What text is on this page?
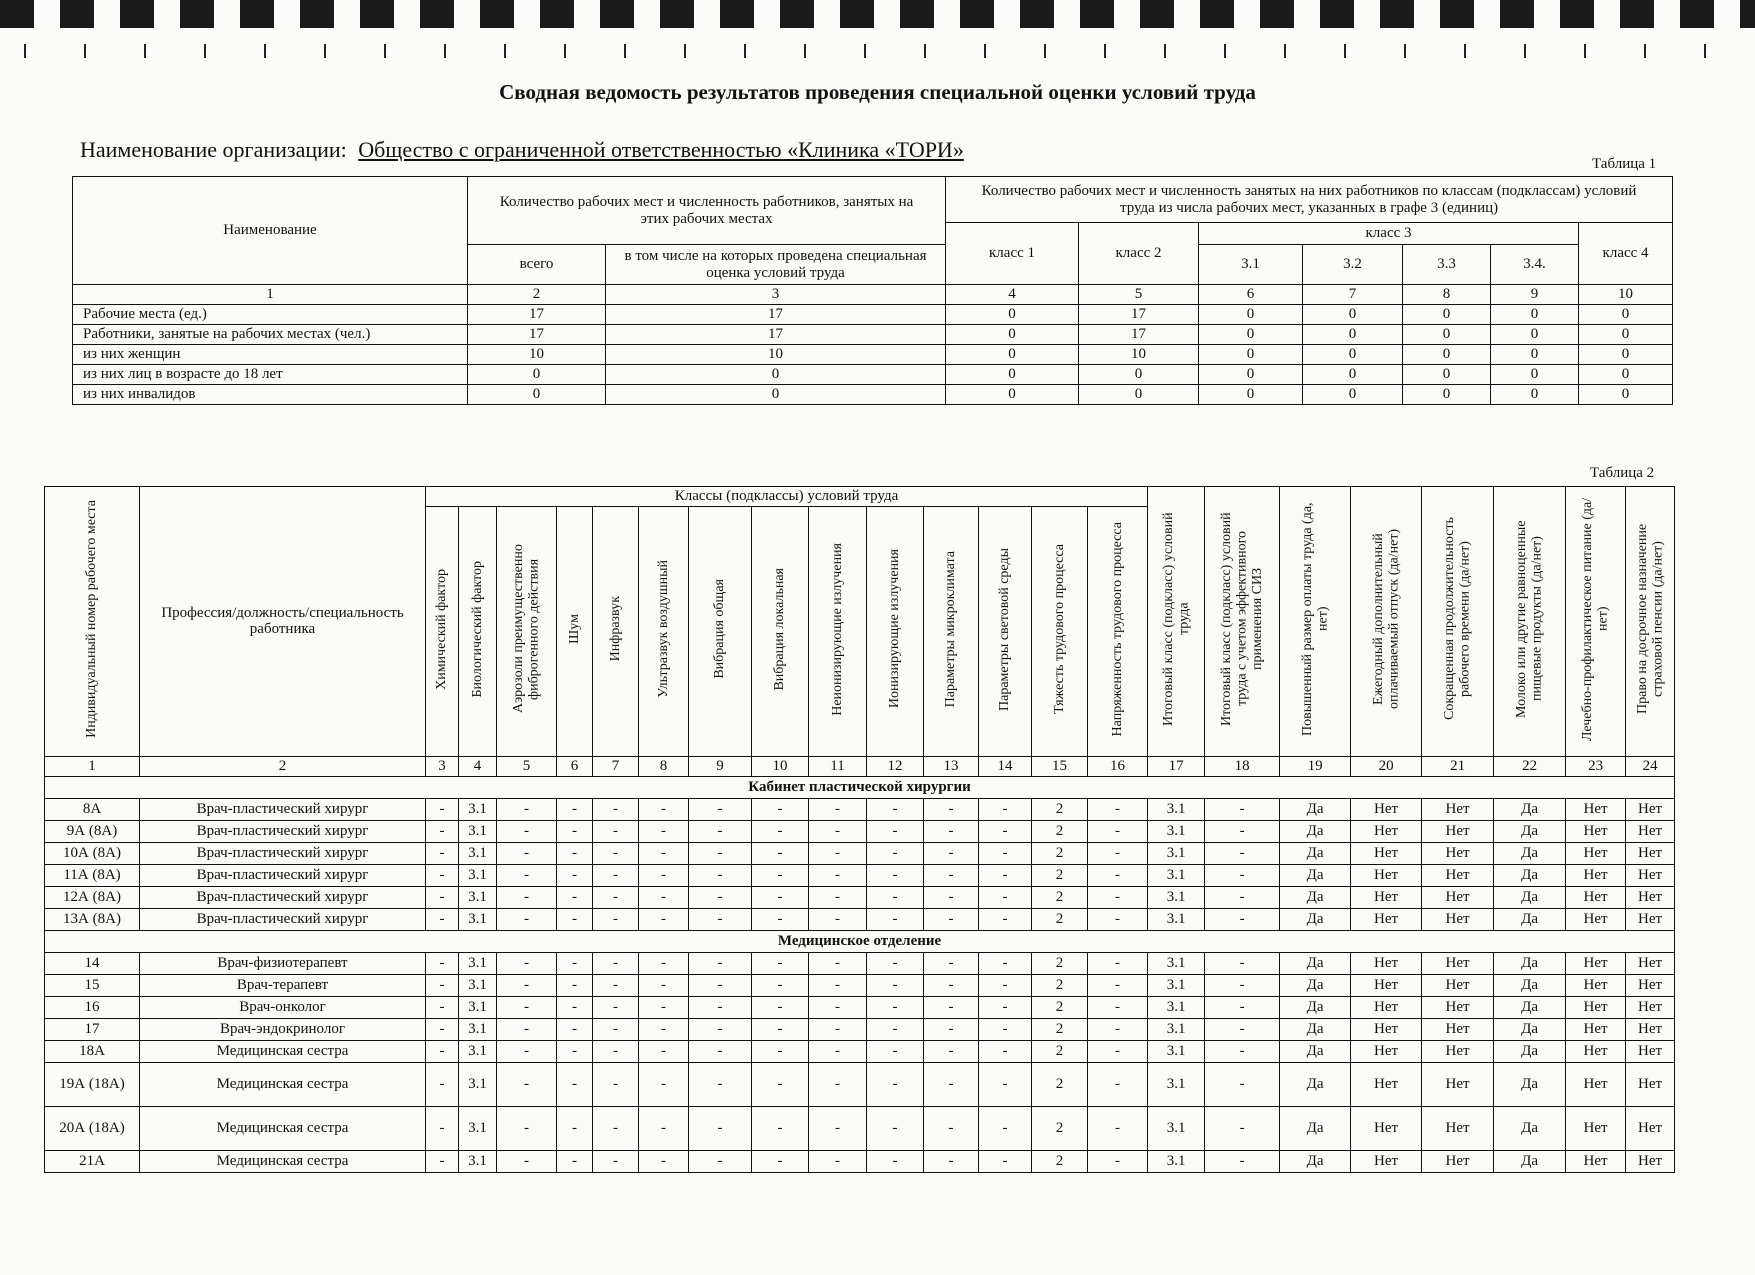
Сводная ведомость результатов проведения специальной оценки условий труда
Наименование организации: Общество с ограниченной ответственностью «Клиника «ТОРИ»
Таблица 1
Наименование	Количество рабочих мест и численность работников, занятых на этих рабочих местах		Количество рабочих мест и численность занятых на них работников по классам (подклассам) условий труда из числа рабочих мест, указанных в графе 3 (единиц)						
			класс 1	класс 2	класс 3				класс 4
	всего	в том числе на которых проведена специальная оценка условий труда			3.1	3.2	3.3	3.4.	
1	2	3	4	5	6	7	8	9	10
Рабочие места (ед.)	17	17	0	17	0	0	0	0	0
Работники, занятые на рабочих местах (чел.)	17	17	0	17	0	0	0	0	0
из них женщин	10	10	0	10	0	0	0	0	0
из них лиц в возрасте до 18 лет	0	0	0	0	0	0	0	0	0
из них инвалидов	0	0	0	0	0	0	0	0	0
Таблица 2
Индивидуальный номер рабочего места	Профессия/должность/специальность работника	Классы (подклассы) условий труда														Итоговый класс (подкласс) условий труда	Итоговый класс (подкласс) условий труда с учетом эффективного применения СИЗ	Повышенный размер оплаты труда (да, нет)	Ежегодный дополнительный оплачиваемый отпуск (да/нет)	Сокращенная продолжительность рабочего времени (да/нет)	Молоко или другие равноценные пищевые продукты (да/нет)	Лечебно-профилактическое питание (да/нет)	Право на досрочное назначение страховой пенсии (да/нет)
		Химический фактор	Биологический фактор	Аэрозоли преимущественно фиброгенного действия	Шум	Инфразвук	Ультразвук воздушный	Вибрация общая	Вибрация локальная	Неионизирующие излучения	Ионизирующие излучения	Параметры микроклимата	Параметры световой среды	Тяжесть трудового процесса	Напряженность трудового процесса								
1	2	3	4	5	6	7	8	9	10	11	12	13	14	15	16	17	18	19	20	21	22	23	24
Кабинет пластической хирургии																							
8А	Врач-пластический хирург	-	3.1	-	-	-	-	-	-	-	-	-	-	2	-	3.1	-	Да	Нет	Нет	Да	Нет	Нет
9А (8А)	Врач-пластический хирург	-	3.1	-	-	-	-	-	-	-	-	-	-	2	-	3.1	-	Да	Нет	Нет	Да	Нет	Нет
10А (8А)	Врач-пластический хирург	-	3.1	-	-	-	-	-	-	-	-	-	-	2	-	3.1	-	Да	Нет	Нет	Да	Нет	Нет
11А (8А)	Врач-пластический хирург	-	3.1	-	-	-	-	-	-	-	-	-	-	2	-	3.1	-	Да	Нет	Нет	Да	Нет	Нет
12А (8А)	Врач-пластический хирург	-	3.1	-	-	-	-	-	-	-	-	-	-	2	-	3.1	-	Да	Нет	Нет	Да	Нет	Нет
13А (8А)	Врач-пластический хирург	-	3.1	-	-	-	-	-	-	-	-	-	-	2	-	3.1	-	Да	Нет	Нет	Да	Нет	Нет
Медицинское отделение																							
14	Врач-физиотерапевт	-	3.1	-	-	-	-	-	-	-	-	-	-	2	-	3.1	-	Да	Нет	Нет	Да	Нет	Нет
15	Врач-терапевт	-	3.1	-	-	-	-	-	-	-	-	-	-	2	-	3.1	-	Да	Нет	Нет	Да	Нет	Нет
16	Врач-онколог	-	3.1	-	-	-	-	-	-	-	-	-	-	2	-	3.1	-	Да	Нет	Нет	Да	Нет	Нет
17	Врач-эндокринолог	-	3.1	-	-	-	-	-	-	-	-	-	-	2	-	3.1	-	Да	Нет	Нет	Да	Нет	Нет
18А	Медицинская сестра	-	3.1	-	-	-	-	-	-	-	-	-	-	2	-	3.1	-	Да	Нет	Нет	Да	Нет	Нет
19А (18А)	Медицинская сестра	-	3.1	-	-	-	-	-	-	-	-	-	-	2	-	3.1	-	Да	Нет	Нет	Да	Нет	Нет
20А (18А)	Медицинская сестра	-	3.1	-	-	-	-	-	-	-	-	-	-	2	-	3.1	-	Да	Нет	Нет	Да	Нет	Нет
21А	Медицинская сестра	-	3.1	-	-	-	-	-	-	-	-	-	-	2	-	3.1	-	Да	Нет	Нет	Да	Нет	Нет
